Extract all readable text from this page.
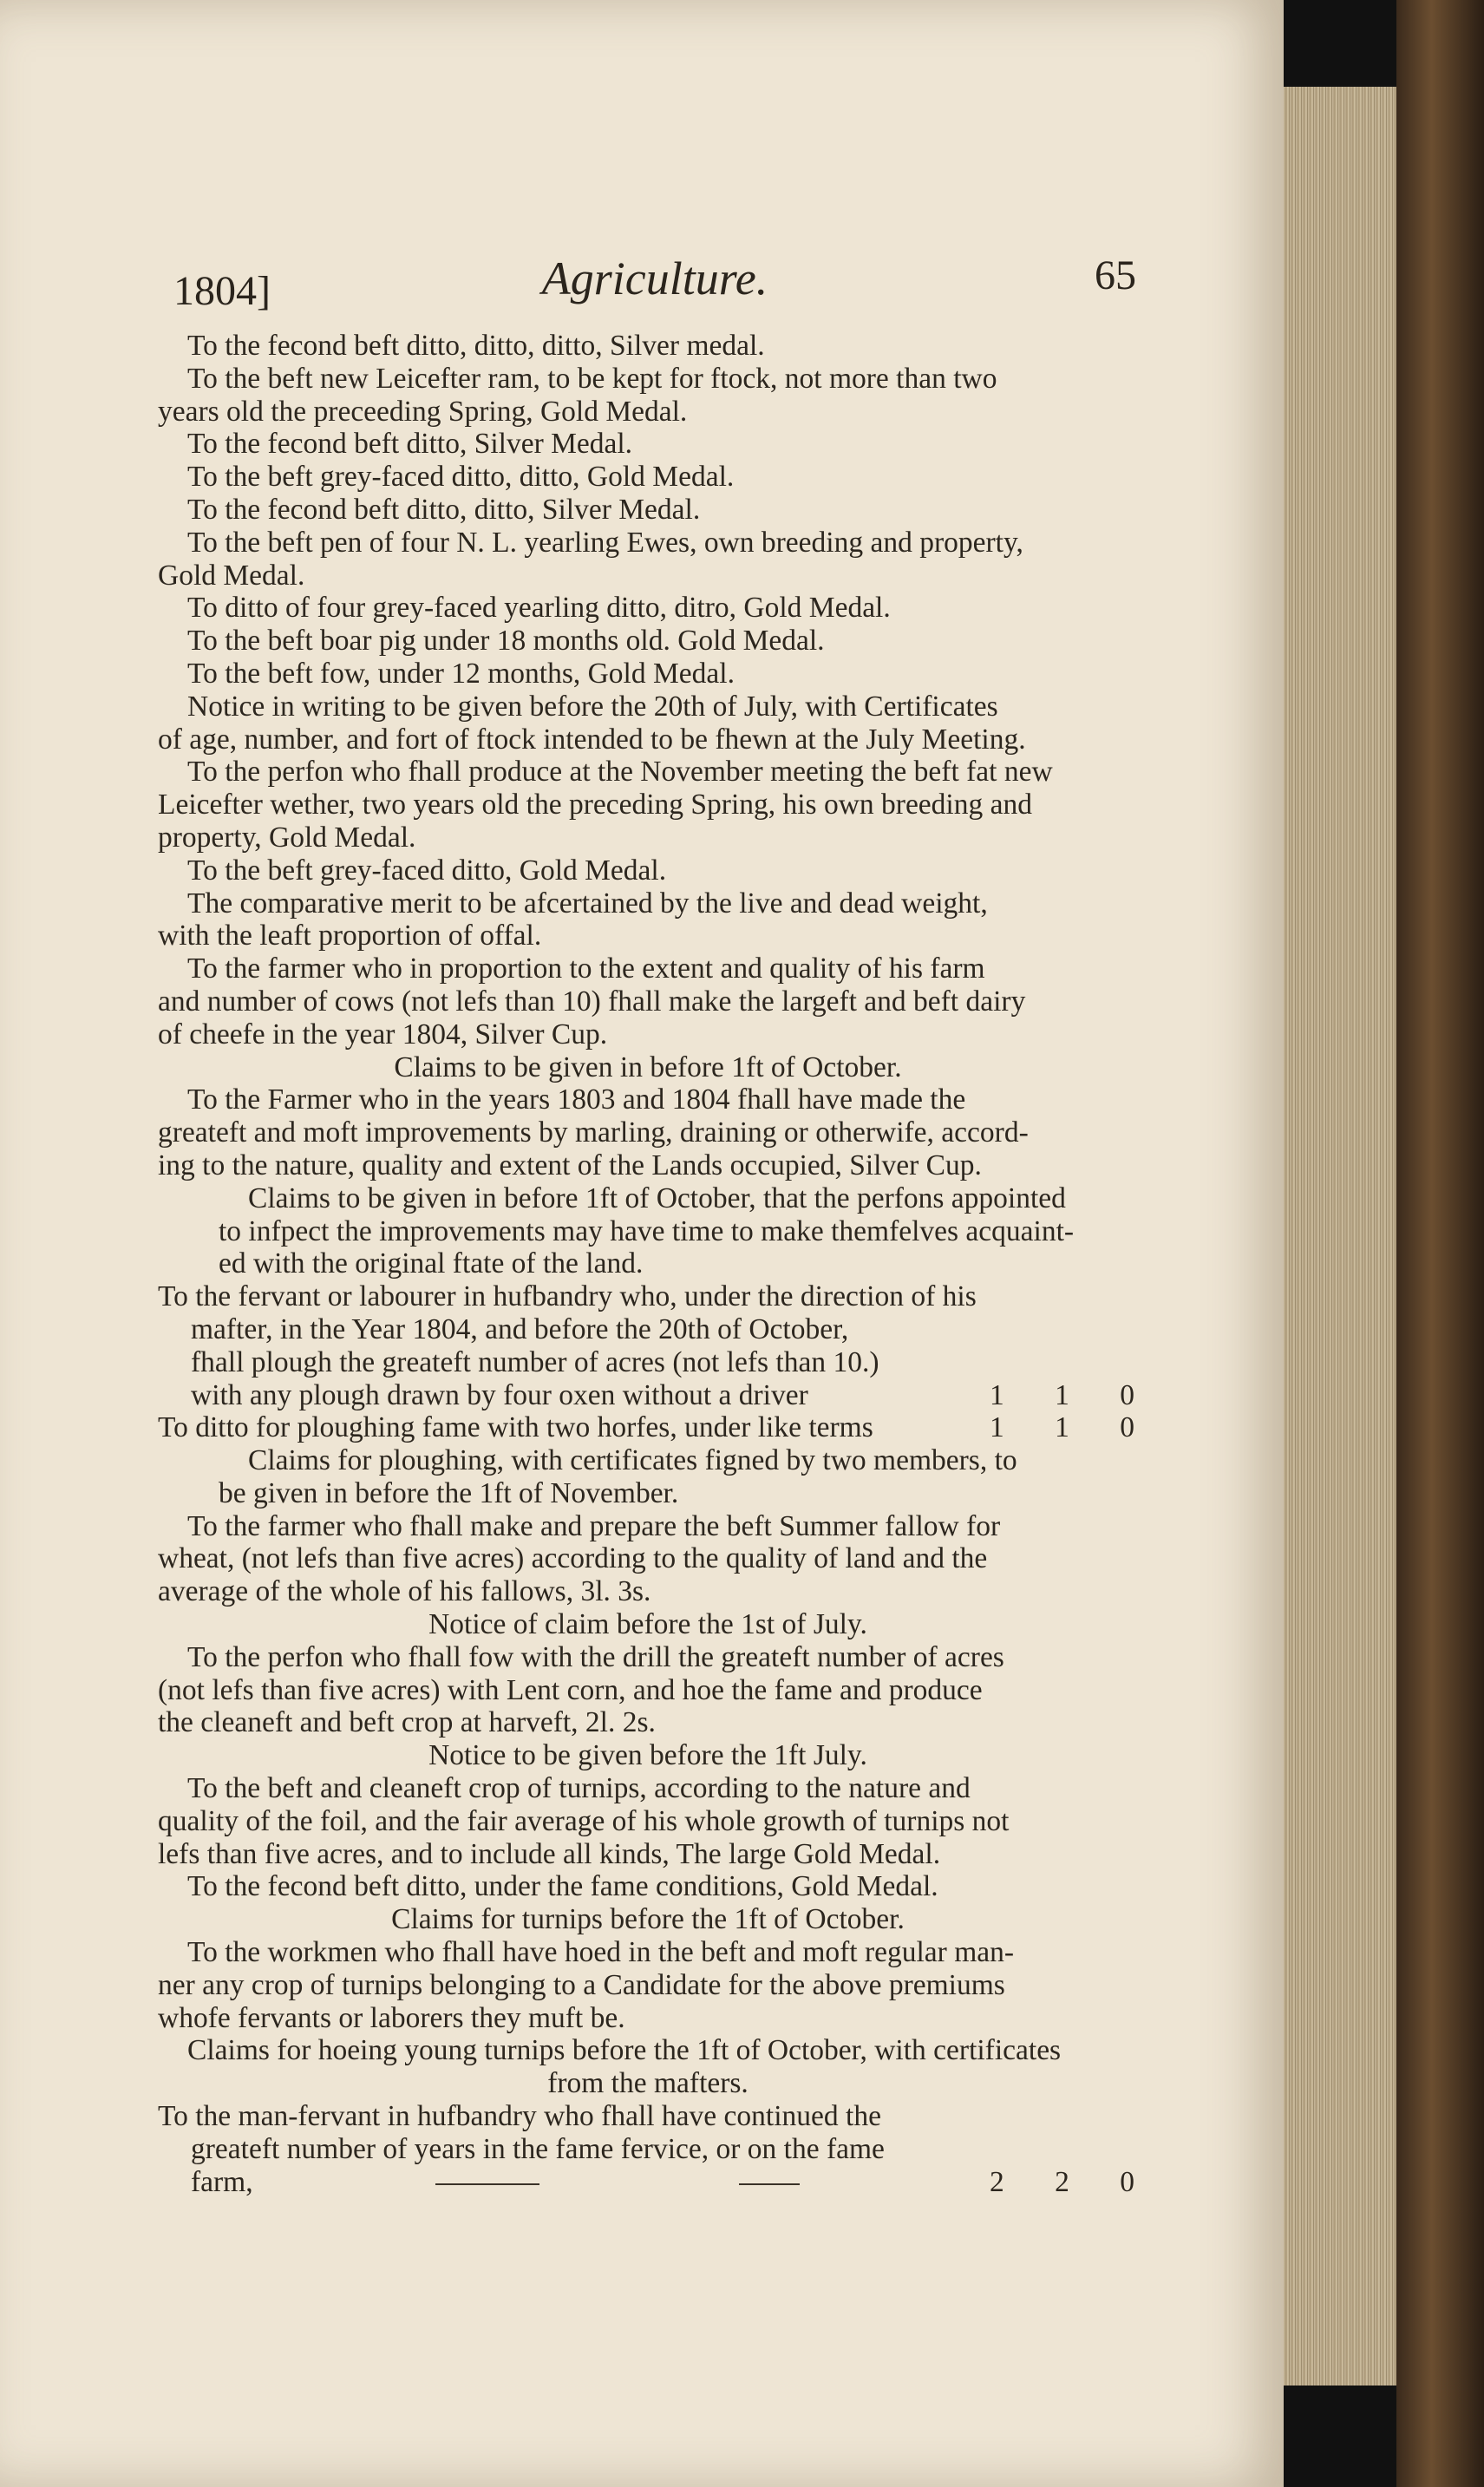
1804]	Agriculture.	65
To the fecond beft ditto, ditto, ditto, Silver medal.
To the beft new Leicefter ram, to be kept for ftock, not more than two
years old the preceeding Spring, Gold Medal.
To the fecond beft ditto, Silver Medal.
To the beft grey-faced ditto, ditto, Gold Medal.
To the fecond beft ditto, ditto, Silver Medal.
To the beft pen of four N. L. yearling Ewes, own breeding and property,
Gold Medal.
To ditto of four grey-faced yearling ditto, ditro, Gold Medal.
To the beft boar pig under 18 months old. Gold Medal.
To the beft fow, under 12 months, Gold Medal.
Notice in writing to be given before the 20th of July, with Certificates
of age, number, and fort of ftock intended to be fhewn at the July Meeting.
To the perfon who fhall produce at the November meeting the beft fat new
Leicefter wether, two years old the preceding Spring, his own breeding and
property, Gold Medal.
To the beft grey-faced ditto, Gold Medal.
The comparative merit to be afcertained by the live and dead weight,
with the leaft proportion of offal.
To the farmer who in proportion to the extent and quality of his farm
and number of cows (not lefs than 10) fhall make the largeft and beft dairy
of cheefe in the year 1804, Silver Cup.
Claims to be given in before 1ft of October.
To the Farmer who in the years 1803 and 1804 fhall have made the
greateft and moft improvements by marling, draining or otherwife, accord-
ing to the nature, quality and extent of the Lands occupied, Silver Cup.
Claims to be given in before 1ft of October, that the perfons appointed
to infpect the improvements may have time to make themfelves acquaint-
ed with the original ftate of the land.
To the fervant or labourer in hufbandry who, under the direction of his
mafter, in the Year 1804, and before the 20th of October,
fhall plough the greateft number of acres (not lefs than 10.)
with any plough drawn by four oxen without a driver	1 1 0
To ditto for ploughing fame with two horfes, under like terms	1 1 0
Claims for ploughing, with certificates figned by two members, to
be given in before the 1ft of November.
To the farmer who fhall make and prepare the beft Summer fallow for
wheat, (not lefs than five acres) according to the quality of land and the
average of the whole of his fallows, 3l. 3s.
Notice of claim before the 1st of July.
To the perfon who fhall fow with the drill the greateft number of acres
(not lefs than five acres) with Lent corn, and hoe the fame and produce
the cleaneft and beft crop at harveft, 2l. 2s.
Notice to be given before the 1ft July.
To the beft and cleaneft crop of turnips, according to the nature and
quality of the foil, and the fair average of his whole growth of turnips not
lefs than five acres, and to include all kinds, The large Gold Medal.
To the fecond beft ditto, under the fame conditions, Gold Medal.
Claims for turnips before the 1ft of October.
To the workmen who fhall have hoed in the beft and moft regular man-
ner any crop of turnips belonging to a Candidate for the above premiums
whofe fervants or laborers they muft be.
Claims for hoeing young turnips before the 1ft of October, with certificates
from the mafters.
To the man-fervant in hufbandry who fhall have continued the
greateft number of years in the fame fervice, or on the fame
farm,	2 2 0
